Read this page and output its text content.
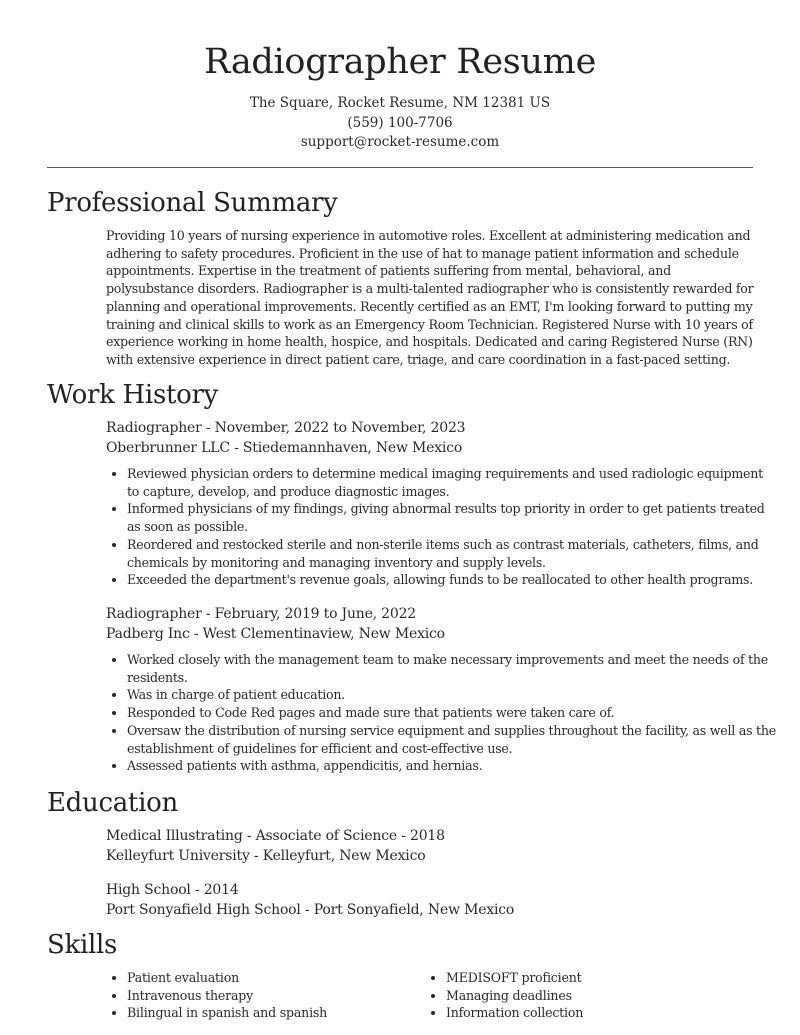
Radiographer Resume
The Square, Rocket Resume, NM 12381 US
(559) 100-7706
support@rocket-resume.com
Professional Summary
Providing 10 years of nursing experience in automotive roles. Excellent at administering medication and adhering to safety procedures. Proficient in the use of hat to manage patient information and schedule appointments. Expertise in the treatment of patients suffering from mental, behavioral, and polysubstance disorders. Radiographer is a multi-talented radiographer who is consistently rewarded for planning and operational improvements. Recently certified as an EMT, I'm looking forward to putting my training and clinical skills to work as an Emergency Room Technician. Registered Nurse with 10 years of experience working in home health, hospice, and hospitals. Dedicated and caring Registered Nurse (RN) with extensive experience in direct patient care, triage, and care coordination in a fast-paced setting.
Work History
Radiographer - November, 2022 to November, 2023
Oberbrunner LLC - Stiedemannhaven, New Mexico
• Reviewed physician orders to determine medical imaging requirements and used radiologic equipment to capture, develop, and produce diagnostic images.
• Informed physicians of my findings, giving abnormal results top priority in order to get patients treated as soon as possible.
• Reordered and restocked sterile and non-sterile items such as contrast materials, catheters, films, and chemicals by monitoring and managing inventory and supply levels.
• Exceeded the department's revenue goals, allowing funds to be reallocated to other health programs.
Radiographer - February, 2019 to June, 2022
Padberg Inc - West Clementinaview, New Mexico
• Worked closely with the management team to make necessary improvements and meet the needs of the residents.
• Was in charge of patient education.
• Responded to Code Red pages and made sure that patients were taken care of.
• Oversaw the distribution of nursing service equipment and supplies throughout the facility, as well as the establishment of guidelines for efficient and cost-effective use.
• Assessed patients with asthma, appendicitis, and hernias.
Education
Medical Illustrating - Associate of Science - 2018
Kelleyfurt University - Kelleyfurt, New Mexico
High School - 2014
Port Sonyafield High School - Port Sonyafield, New Mexico
Skills
• Patient evaluation
• Intravenous therapy
• Bilingual in spanish and spanish
• MEDISOFT proficient
• Managing deadlines
• Information collection
